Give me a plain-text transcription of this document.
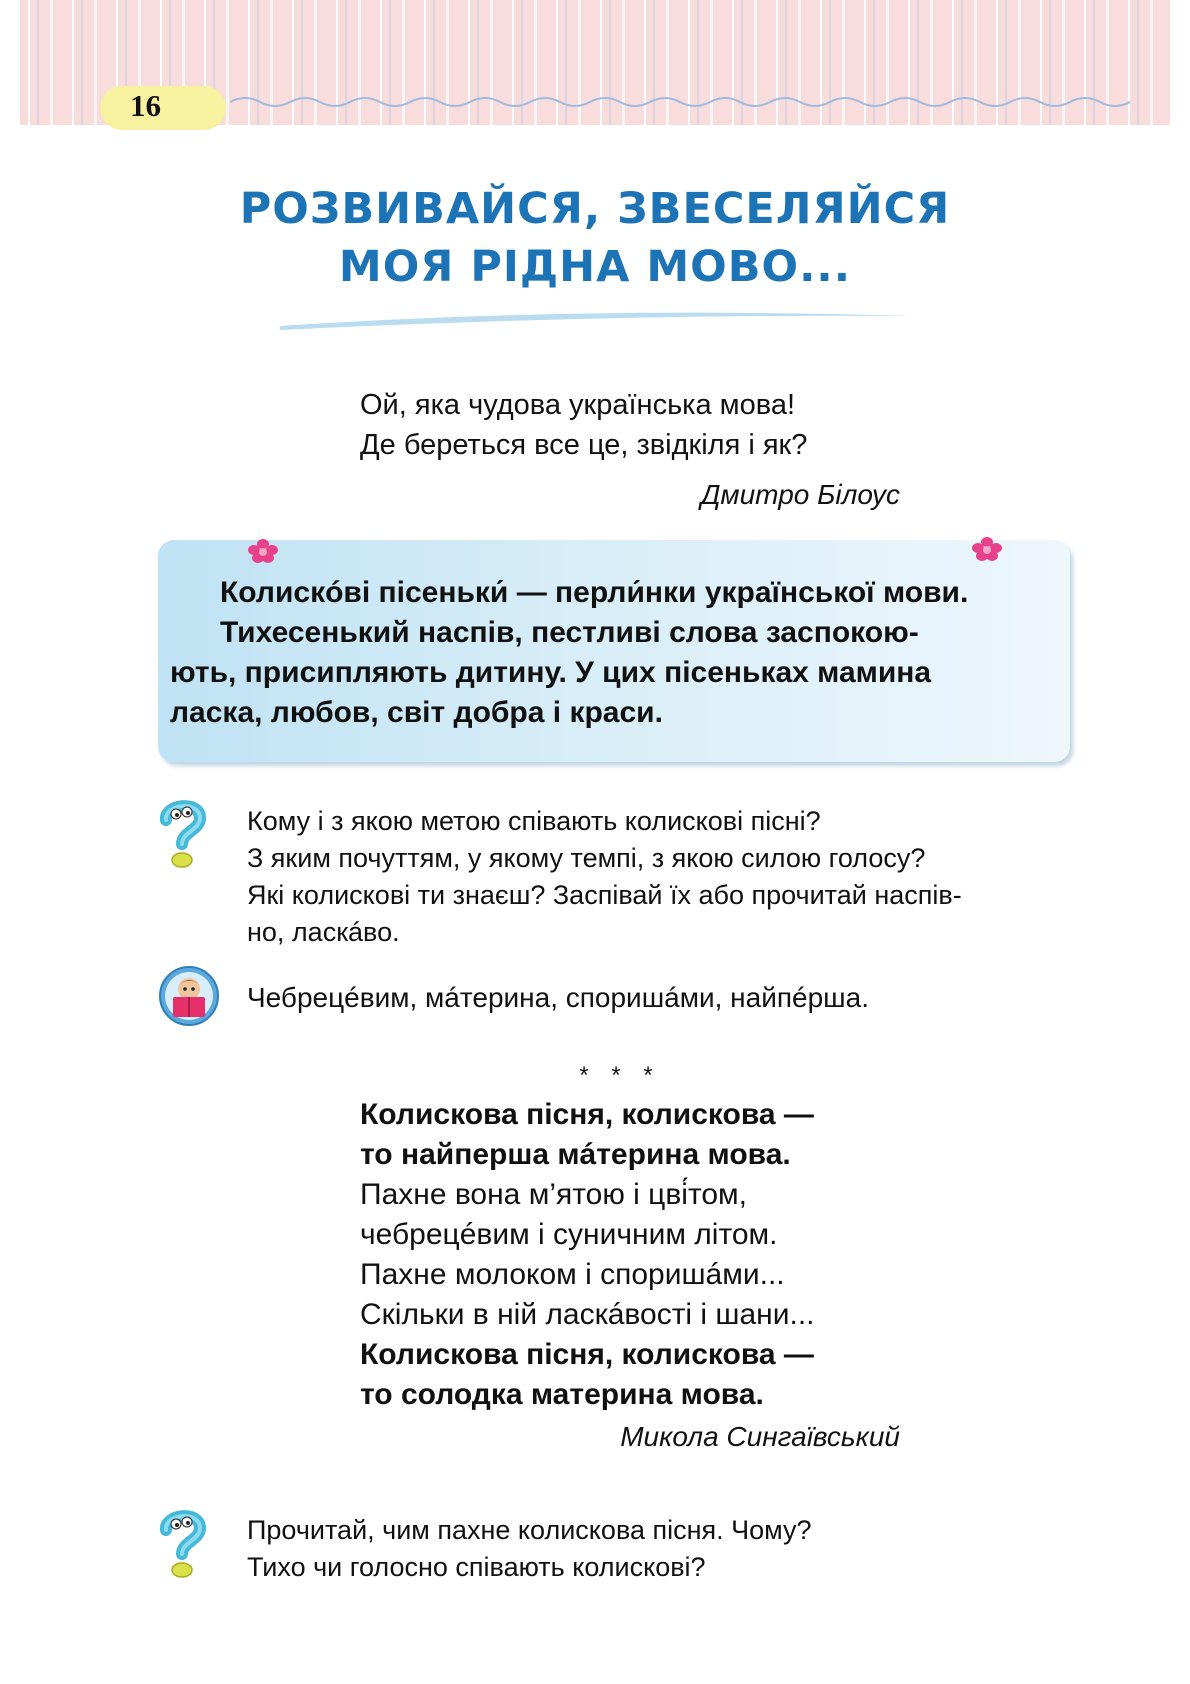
16
РОЗВИВАЙСЯ, ЗВЕСЕЛЯЙСЯ
МОЯ РІДНА МОВО...
Ой, яка чудова українська мова!
Де береться все це, звідкіля і як?
Дмитро Білоус
Колискóві пісеньки́ — перли́нки української мови.
Тихесенький наспів, пестливі слова заспокою-
ють, присипляють дитину. У цих пісеньках мамина
ласка, любов, світ добра і краси.
Кому і з якою метою співають колискові пісні?
З яким почуттям, у якому темпі, з якою силою голосу?
Які колискові ти знаєш? Заспівай їх або прочитай наспів-
но, ласкáво.
Чебрецéвим, мáтерина, споришáми, найпéрша.
* * *
Колискова пісня, колискова —
то найперша мáтерина мова.
Пахне вона м’ятою і цві́том,
чебрецéвим і суничним літом.
Пахне молоком і споришáми...
Скільки в ній ласкáвості і шани...
Колискова пісня, колискова —
то солодка материна мова.
Микола Сингаївський
Прочитай, чим пахне колискова пісня. Чому?
Тихо чи голосно співають колискові?
